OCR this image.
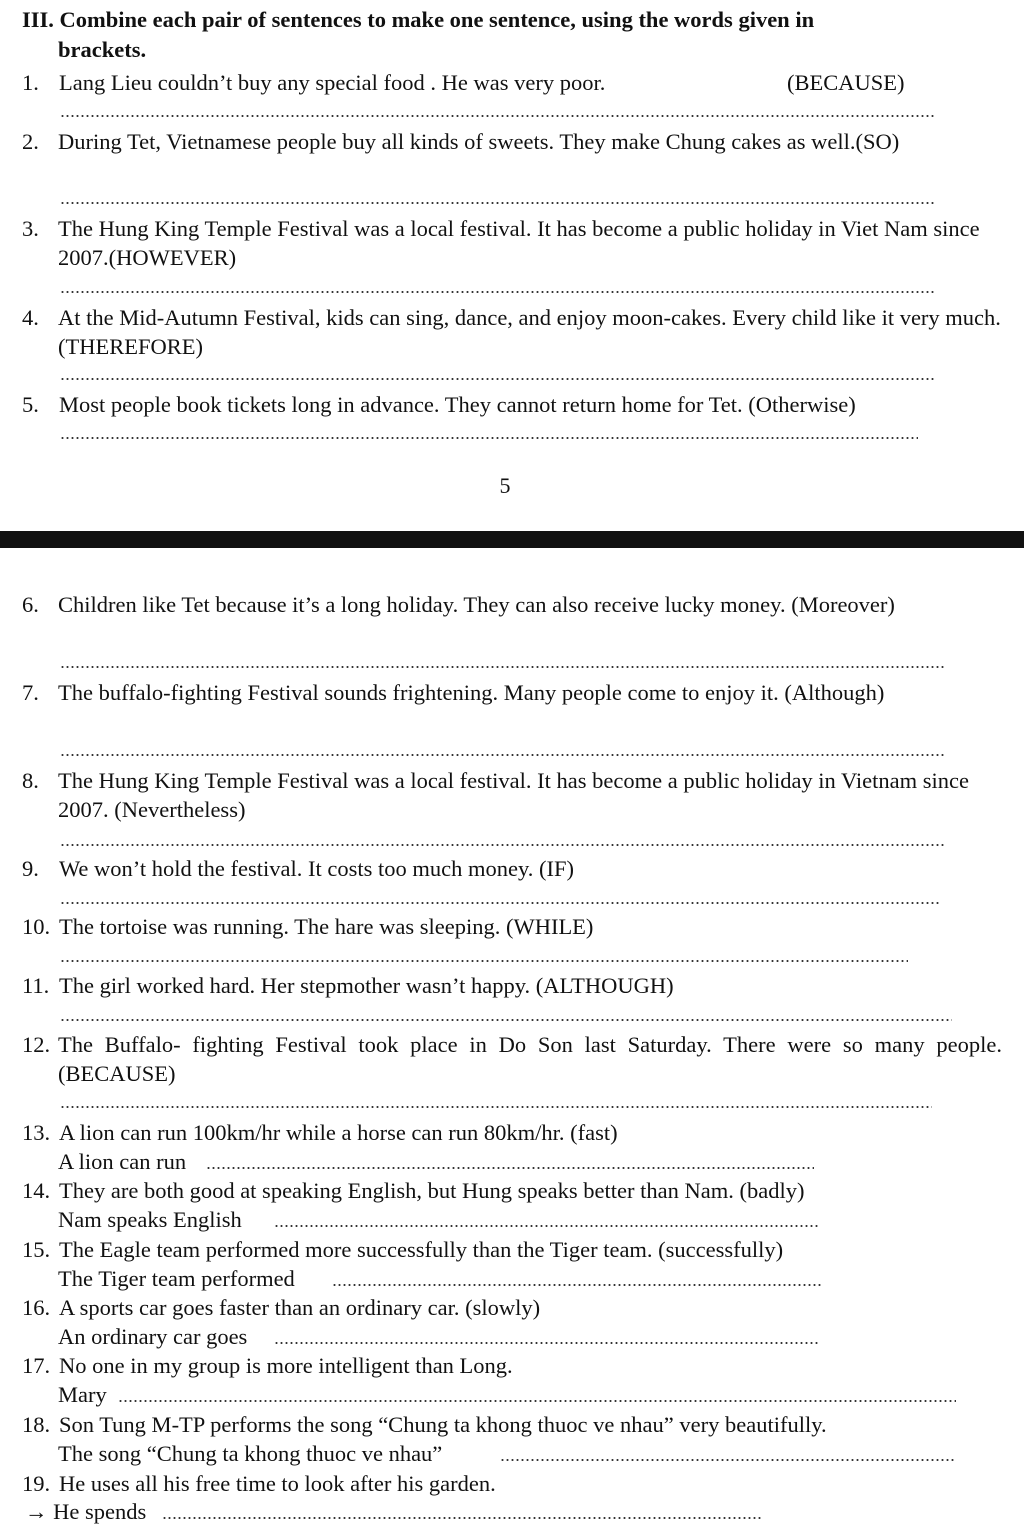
III. Combine each pair of sentences to make one sentence, using the words given in
brackets.
1. Lang Lieu couldn’t buy any special food . He was very poor.	(BECAUSE)
2. During Tet, Vietnamese people buy all kinds of sweets. They make Chung cakes as well.(SO)
3. The Hung King Temple Festival was a local festival. It has become a public holiday in Viet Nam since 2007.(HOWEVER)
4. At the Mid-Autumn Festival, kids can sing, dance, and enjoy moon-cakes. Every child like it very much.(THEREFORE)
5. Most people book tickets long in advance. They cannot return home for Tet. (Otherwise)
5
6. Children like Tet because it’s a long holiday. They can also receive lucky money. (Moreover)
7. The buffalo-fighting Festival sounds frightening. Many people come to enjoy it. (Although)
8. The Hung King Temple Festival was a local festival. It has become a public holiday in Vietnam since 2007. (Nevertheless)
9. We won’t hold the festival. It costs too much money. (IF)
10. The tortoise was running. The hare was sleeping. (WHILE)
11. The girl worked hard. Her stepmother wasn’t happy. (ALTHOUGH)
12. The Buffalo- fighting Festival took place in Do Son last Saturday. There were so many people. (BECAUSE)
13. A lion can run 100km/hr while a horse can run 80km/hr. (fast)
A lion can run
14. They are both good at speaking English, but Hung speaks better than Nam. (badly)
Nam speaks English
15. The Eagle team performed more successfully than the Tiger team. (successfully)
The Tiger team performed
16. A sports car goes faster than an ordinary car. (slowly)
An ordinary car goes
17. No one in my group is more intelligent than Long.
Mary
18. Son Tung M-TP performs the song “Chung ta khong thuoc ve nhau” very beautifully.
The song “Chung ta khong thuoc ve nhau”
19. He uses all his free time to look after his garden.
→ He spends
